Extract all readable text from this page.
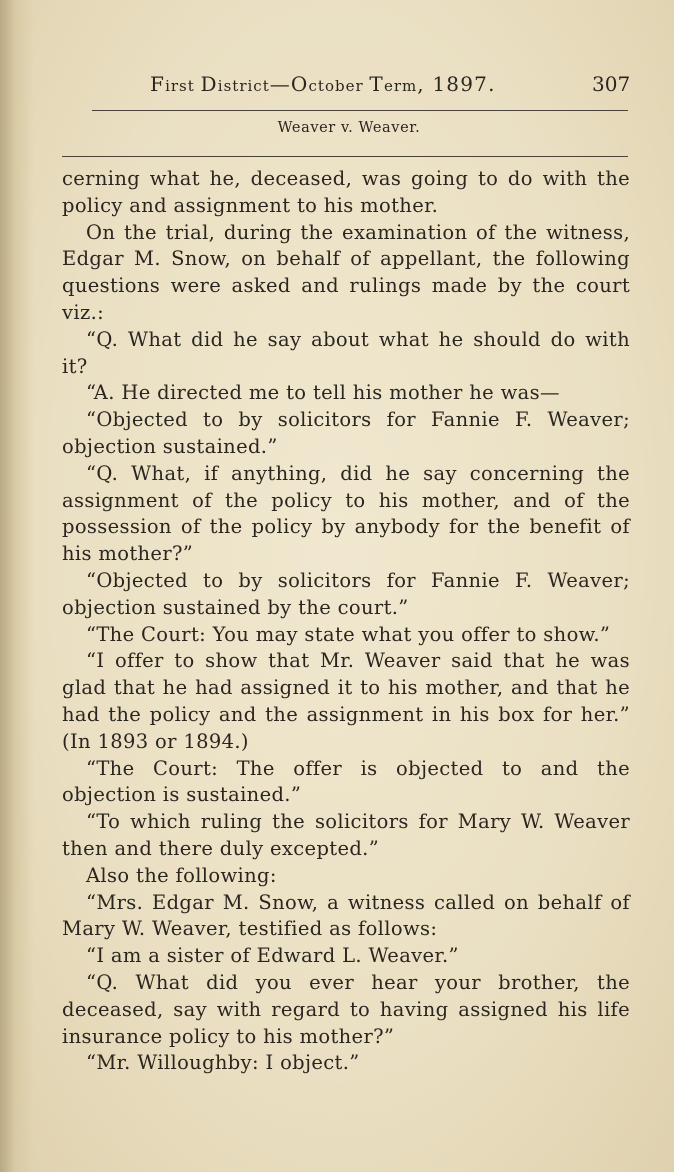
First District—October Term, 1897.	307
Weaver v. Weaver.

cerning what he, deceased, was going to do with the policy and assignment to his mother.

On the trial, during the examination of the witness, Edgar M. Snow, on behalf of appellant, the following questions were asked and rulings made by the court viz.:

“Q. What did he say about what he should do with it?

“A. He directed me to tell his mother he was—

“Objected to by solicitors for Fannie F. Weaver; objection sustained.”

“Q. What, if anything, did he say concerning the assignment of the policy to his mother, and of the possession of the policy by anybody for the benefit of his mother?”

“Objected to by solicitors for Fannie F. Weaver; objection sustained by the court.”

“The Court: You may state what you offer to show.”

“I offer to show that Mr. Weaver said that he was glad that he had assigned it to his mother, and that he had the policy and the assignment in his box for her.” (In 1893 or 1894.)

“The Court: The offer is objected to and the objection is sustained.”

“To which ruling the solicitors for Mary W. Weaver then and there duly excepted.”

Also the following:

“Mrs. Edgar M. Snow, a witness called on behalf of Mary W. Weaver, testified as follows:

“I am a sister of Edward L. Weaver.”

“Q. What did you ever hear your brother, the deceased, say with regard to having assigned his life insurance policy to his mother?”

“Mr. Willoughby: I object.”
